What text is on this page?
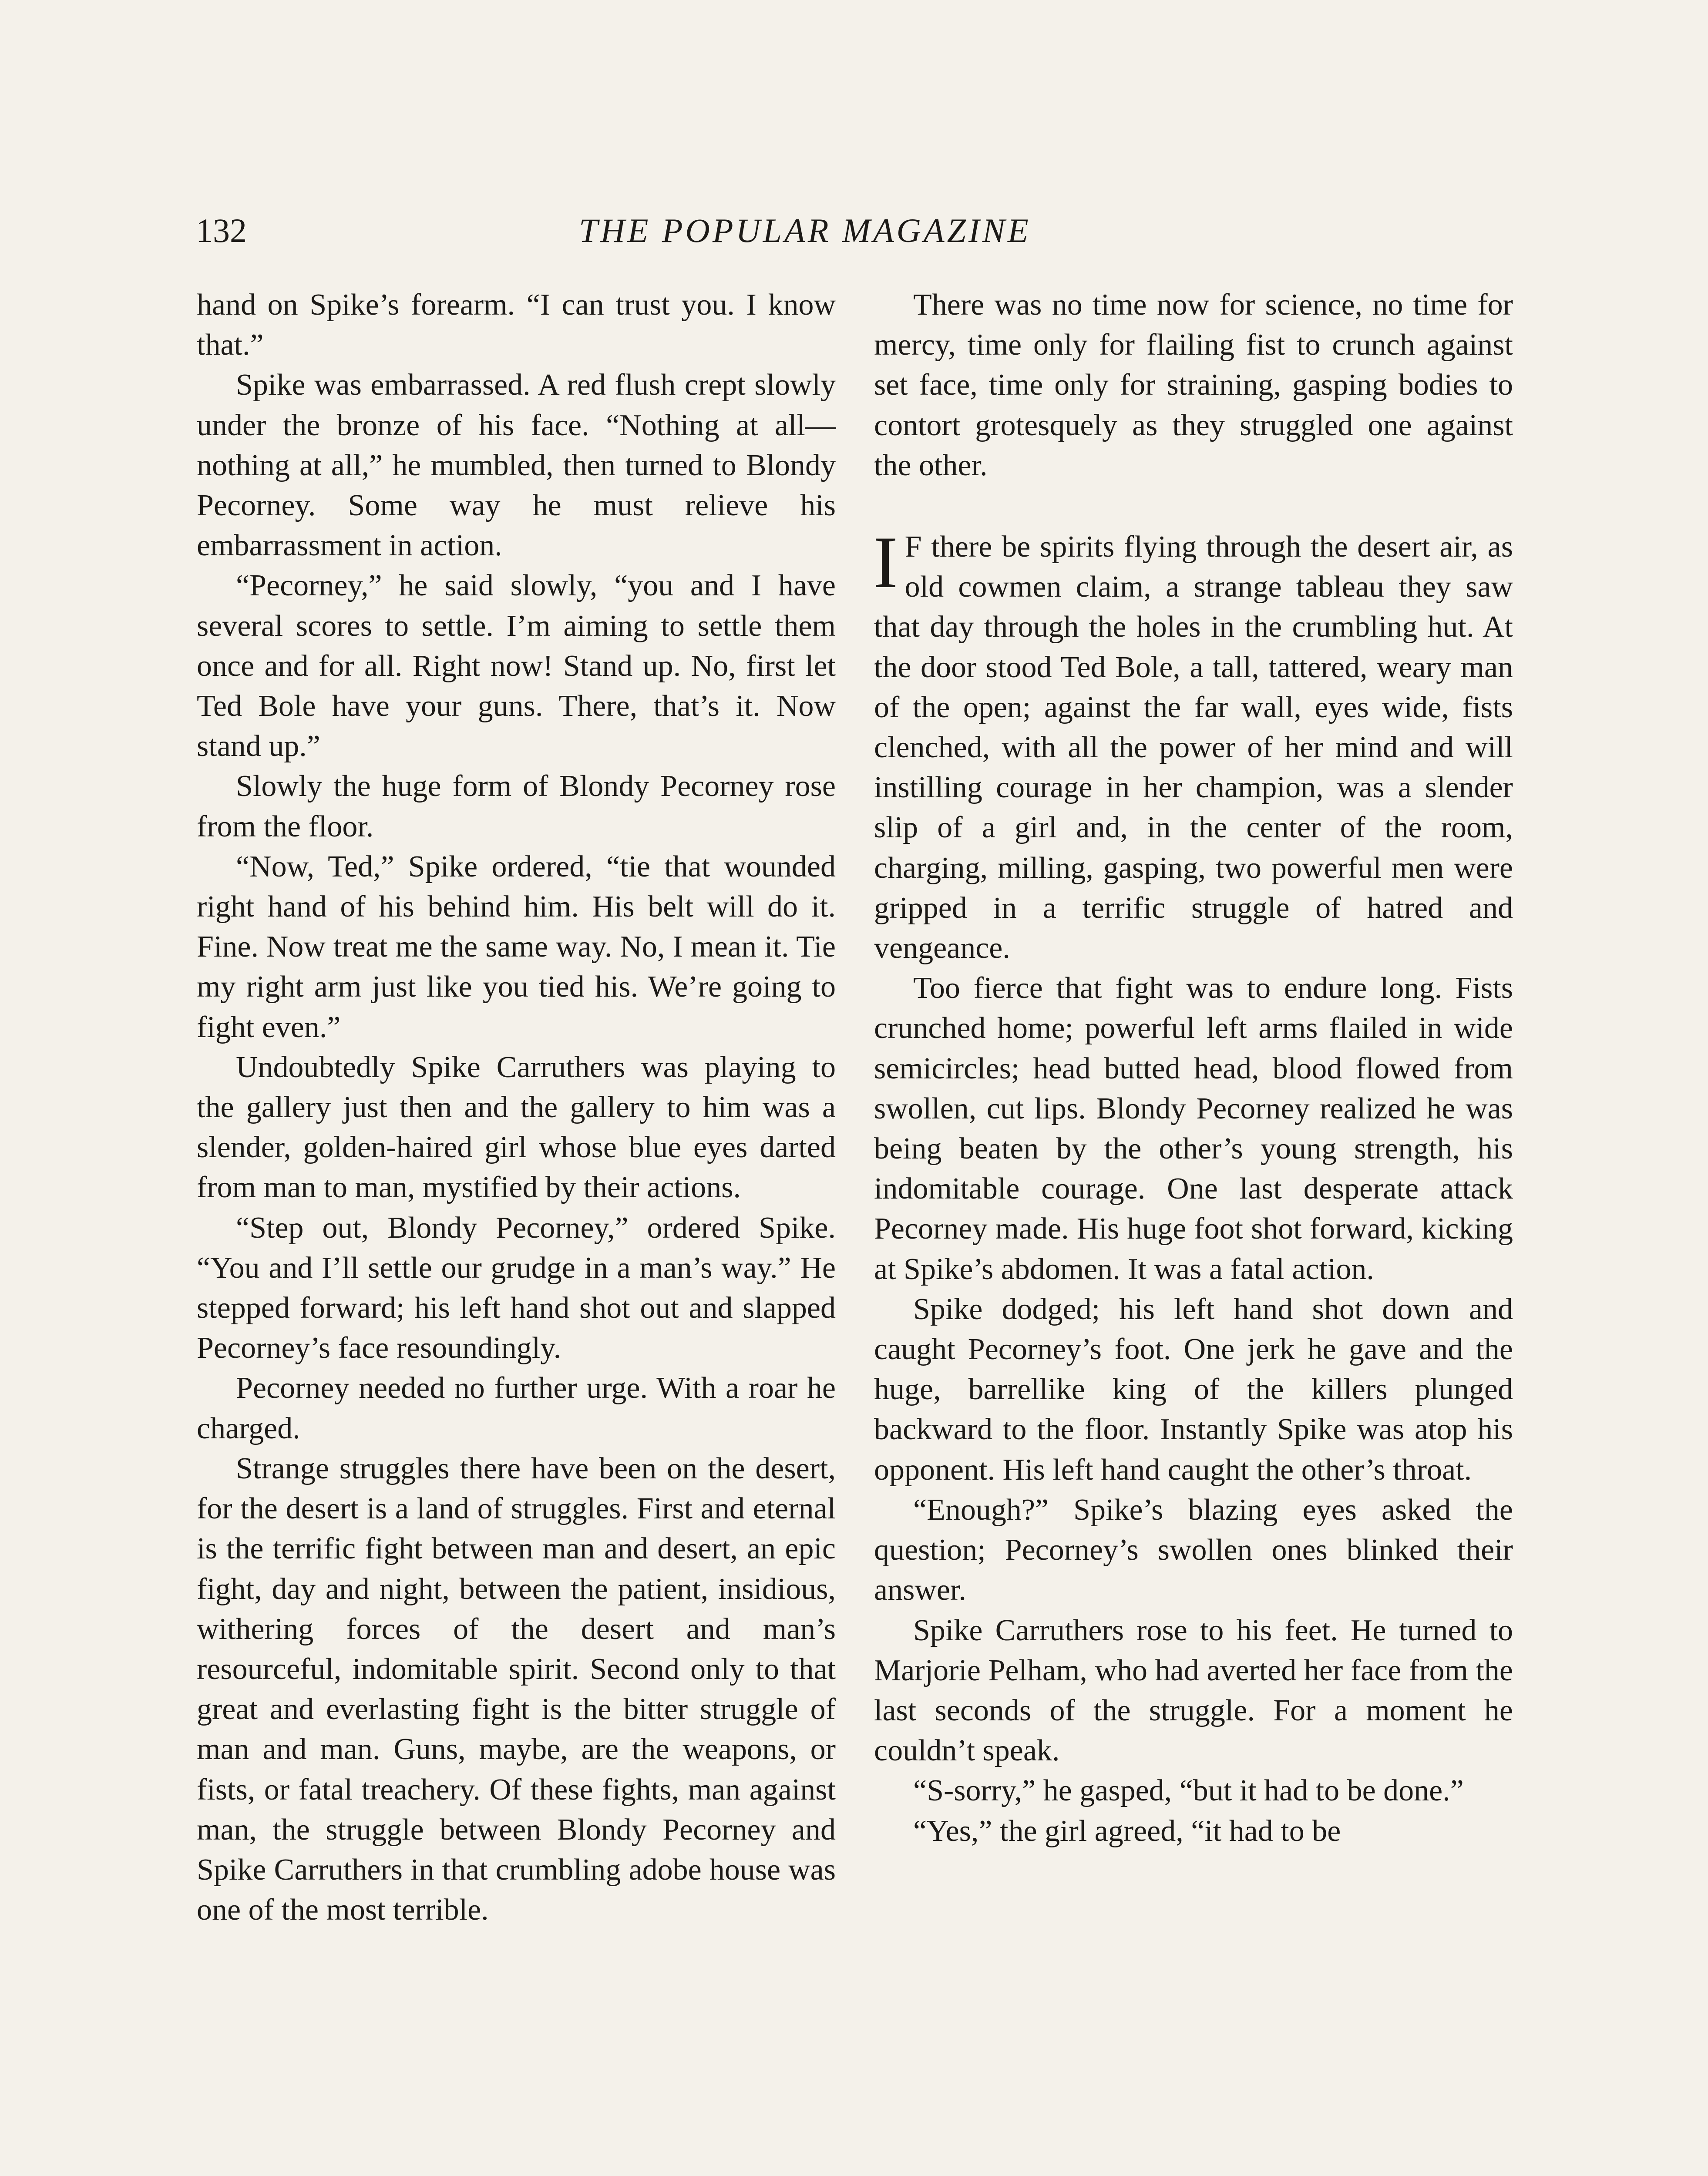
132	THE POPULAR MAGAZINE

hand on Spike’s forearm. “I can trust you. I know that.”

Spike was embarrassed. A red flush crept slowly under the bronze of his face. “Nothing at all—nothing at all,” he mumbled, then turned to Blondy Pecorney. Some way he must relieve his embarrassment in action.

“Pecorney,” he said slowly, “you and I have several scores to settle. I’m aiming to settle them once and for all. Right now! Stand up. No, first let Ted Bole have your guns. There, that’s it. Now stand up.”

Slowly the huge form of Blondy Pecorney rose from the floor.

“Now, Ted,” Spike ordered, “tie that wounded right hand of his behind him. His belt will do it. Fine. Now treat me the same way. No, I mean it. Tie my right arm just like you tied his. We’re going to fight even.”

Undoubtedly Spike Carruthers was playing to the gallery just then and the gallery to him was a slender, golden-haired girl whose blue eyes darted from man to man, mystified by their actions.

“Step out, Blondy Pecorney,” ordered Spike. “You and I’ll settle our grudge in a man’s way.” He stepped forward; his left hand shot out and slapped Pecorney’s face resoundingly.

Pecorney needed no further urge. With a roar he charged.

Strange struggles there have been on the desert, for the desert is a land of struggles. First and eternal is the terrific fight between man and desert, an epic fight, day and night, between the patient, insidious, withering forces of the desert and man’s resourceful, indomitable spirit. Second only to that great and everlasting fight is the bitter struggle of man and man. Guns, maybe, are the weapons, or fists, or fatal treachery. Of these fights, man against man, the struggle between Blondy Pecorney and Spike Carruthers in that crumbling adobe house was one of the most terrible.

There was no time now for science, no time for mercy, time only for flailing fist to crunch against set face, time only for straining, gasping bodies to contort grotesquely as they struggled one against the other.

I F there be spirits flying through the desert air, as old cowmen claim, a strange tableau they saw that day through the holes in the crumbling hut. At the door stood Ted Bole, a tall, tattered, weary man of the open; against the far wall, eyes wide, fists clenched, with all the power of her mind and will instilling courage in her champion, was a slender slip of a girl and, in the center of the room, charging, milling, gasping, two powerful men were gripped in a terrific struggle of hatred and vengeance.

Too fierce that fight was to endure long. Fists crunched home; powerful left arms flailed in wide semicircles; head butted head, blood flowed from swollen, cut lips. Blondy Pecorney realized he was being beaten by the other’s young strength, his indomitable courage. One last desperate attack Pecorney made. His huge foot shot forward, kicking at Spike’s abdomen. It was a fatal action.

Spike dodged; his left hand shot down and caught Pecorney’s foot. One jerk he gave and the huge, barrellike king of the killers plunged backward to the floor. Instantly Spike was atop his opponent. His left hand caught the other’s throat.

“Enough?” Spike’s blazing eyes asked the question; Pecorney’s swollen ones blinked their answer.

Spike Carruthers rose to his feet. He turned to Marjorie Pelham, who had averted her face from the last seconds of the struggle. For a moment he couldn’t speak.

“S-sorry,” he gasped, “but it had to be done.”

“Yes,” the girl agreed, “it had to be
